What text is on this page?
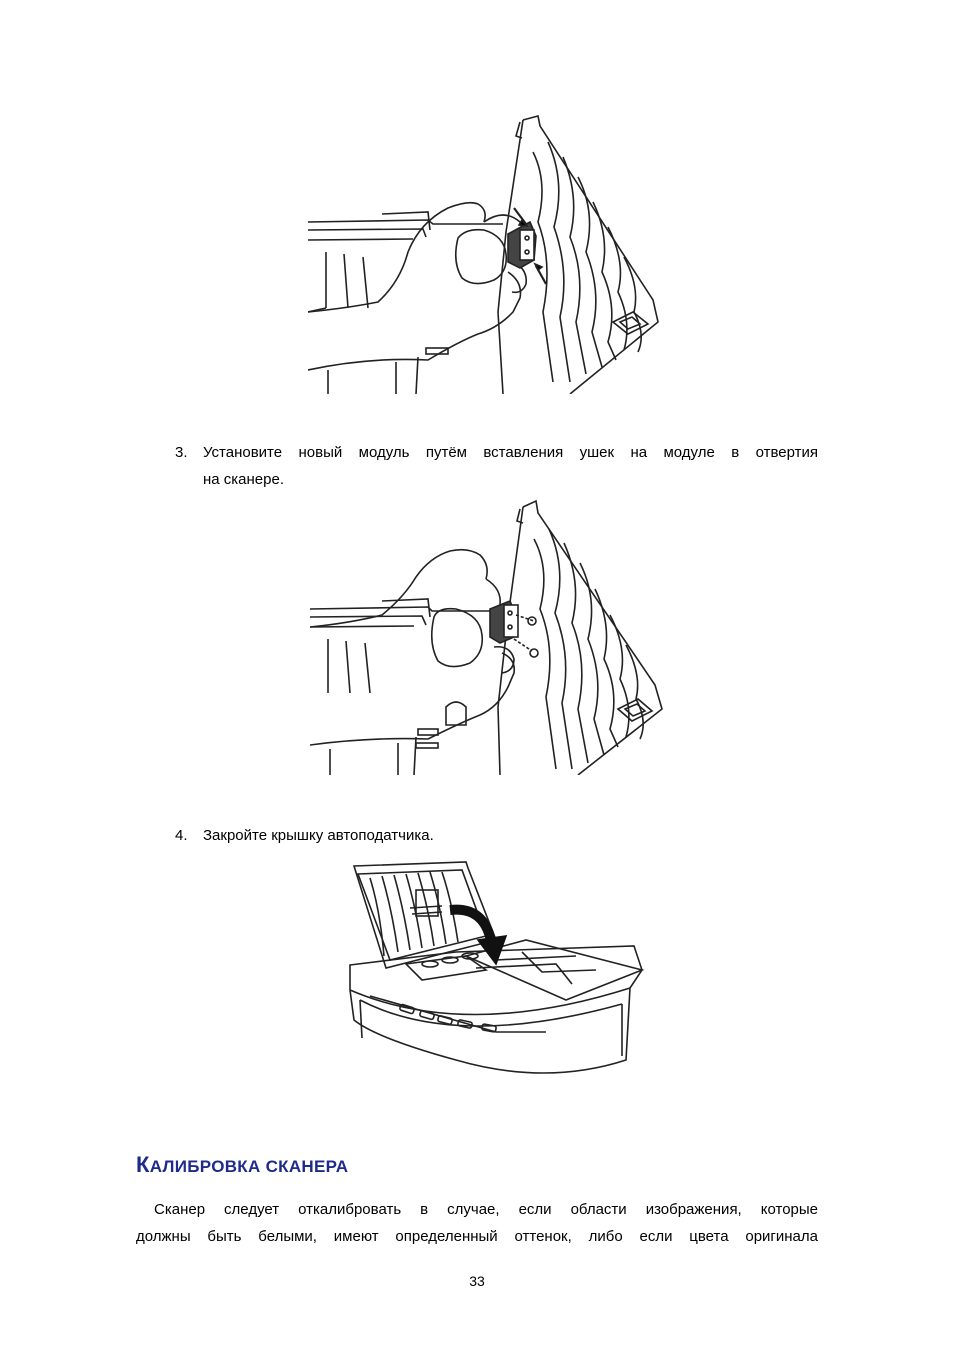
3. Установите новый модуль путём вставления ушек на модуле в отвертия
на сканере.
4. Закройте крышку автоподатчика.
КАЛИБРОВКА СКАНЕРА
Сканер следует откалибровать в случае, если области изображения, которые
должны быть белыми, имеют определенный оттенок, либо если цвета оригинала
33
